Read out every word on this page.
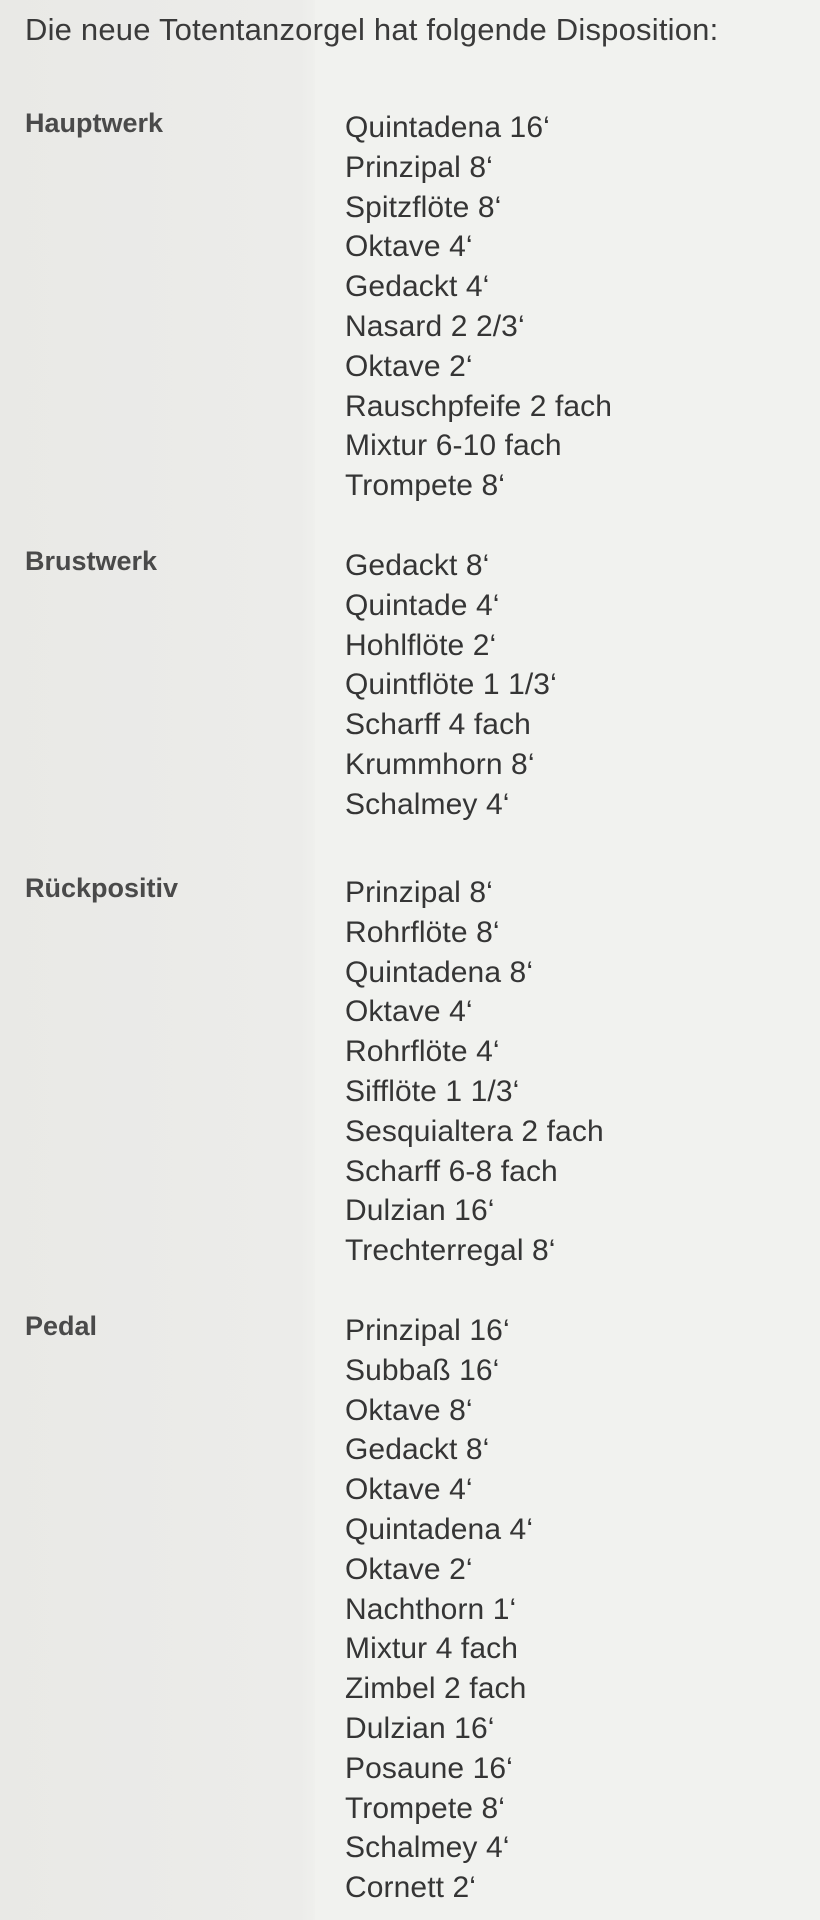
Die neue Totentanzorgel hat folgende Disposition:
Hauptwerk	Quintadena 16‘
Prinzipal 8‘
Spitzflöte 8‘
Oktave 4‘
Gedackt 4‘
Nasard 2 2/3‘
Oktave 2‘
Rauschpfeife 2 fach
Mixtur 6-10 fach
Trompete 8‘
Brustwerk	Gedackt 8‘
Quintade 4‘
Hohlflöte 2‘
Quintflöte 1 1/3‘
Scharff 4 fach
Krummhorn 8‘
Schalmey 4‘
Rückpositiv	Prinzipal 8‘
Rohrflöte 8‘
Quintadena 8‘
Oktave 4‘
Rohrflöte 4‘
Sifflöte 1 1/3‘
Sesquialtera 2 fach
Scharff 6-8 fach
Dulzian 16‘
Trechterregal 8‘
Pedal	Prinzipal 16‘
Subbaß 16‘
Oktave 8‘
Gedackt 8‘
Oktave 4‘
Quintadena 4‘
Oktave 2‘
Nachthorn 1‘
Mixtur 4 fach
Zimbel 2 fach
Dulzian 16‘
Posaune 16‘
Trompete 8‘
Schalmey 4‘
Cornett 2‘
